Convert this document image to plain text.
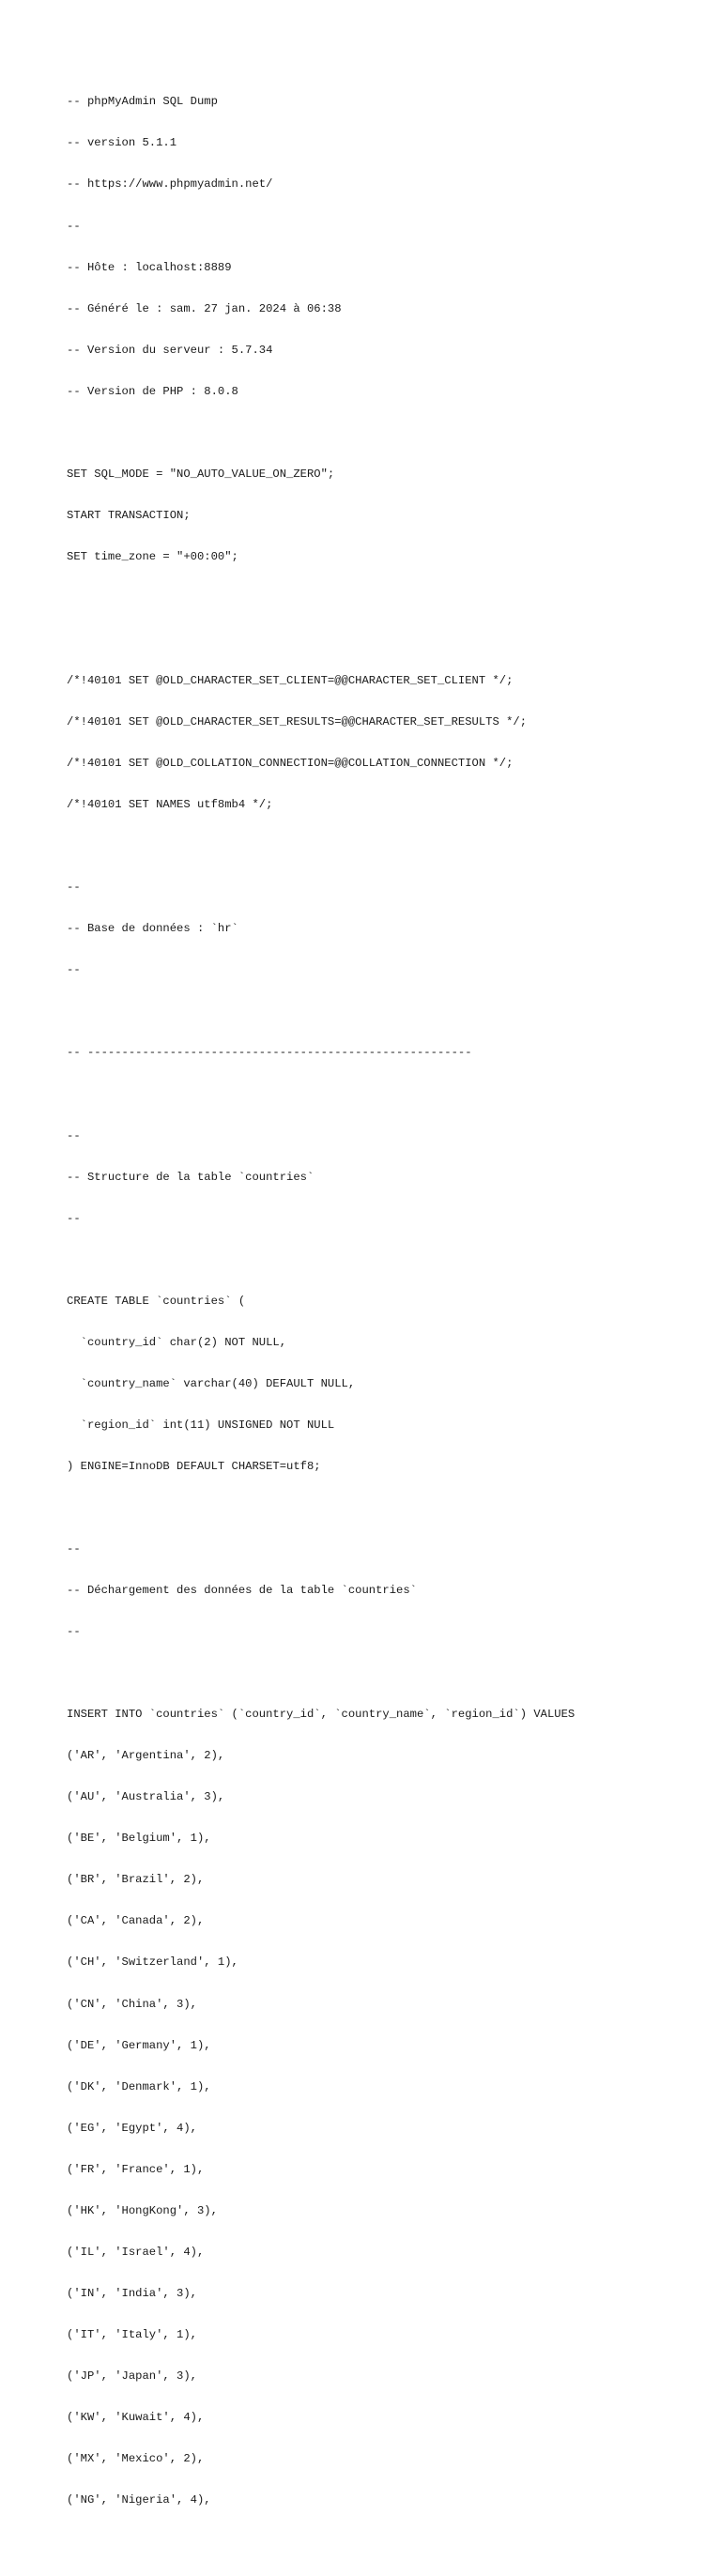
-- phpMyAdmin SQL Dump

-- version 5.1.1

-- https://www.phpmyadmin.net/

--

-- Hôte : localhost:8889

-- Généré le : sam. 27 jan. 2024 à 06:38

-- Version du serveur : 5.7.34

-- Version de PHP : 8.0.8

SET SQL_MODE = "NO_AUTO_VALUE_ON_ZERO";

START TRANSACTION;

SET time_zone = "+00:00";

/*!40101 SET @OLD_CHARACTER_SET_CLIENT=@@CHARACTER_SET_CLIENT */;

/*!40101 SET @OLD_CHARACTER_SET_RESULTS=@@CHARACTER_SET_RESULTS */;

/*!40101 SET @OLD_COLLATION_CONNECTION=@@COLLATION_CONNECTION */;

/*!40101 SET NAMES utf8mb4 */;

--

-- Base de données : `hr`

--

-- --------------------------------------------------------

--

-- Structure de la table `countries`

--

CREATE TABLE `countries` (

`country_id` char(2) NOT NULL,

`country_name` varchar(40) DEFAULT NULL,

`region_id` int(11) UNSIGNED NOT NULL

) ENGINE=InnoDB DEFAULT CHARSET=utf8;

--

-- Déchargement des données de la table `countries`

--

INSERT INTO `countries` (`country_id`, `country_name`, `region_id`) VALUES

('AR', 'Argentina', 2),

('AU', 'Australia', 3),

('BE', 'Belgium', 1),

('BR', 'Brazil', 2),

('CA', 'Canada', 2),

('CH', 'Switzerland', 1),

('CN', 'China', 3),

('DE', 'Germany', 1),

('DK', 'Denmark', 1),

('EG', 'Egypt', 4),

('FR', 'France', 1),

('HK', 'HongKong', 3),

('IL', 'Israel', 4),

('IN', 'India', 3),

('IT', 'Italy', 1),

('JP', 'Japan', 3),

('KW', 'Kuwait', 4),

('MX', 'Mexico', 2),

('NG', 'Nigeria', 4),
